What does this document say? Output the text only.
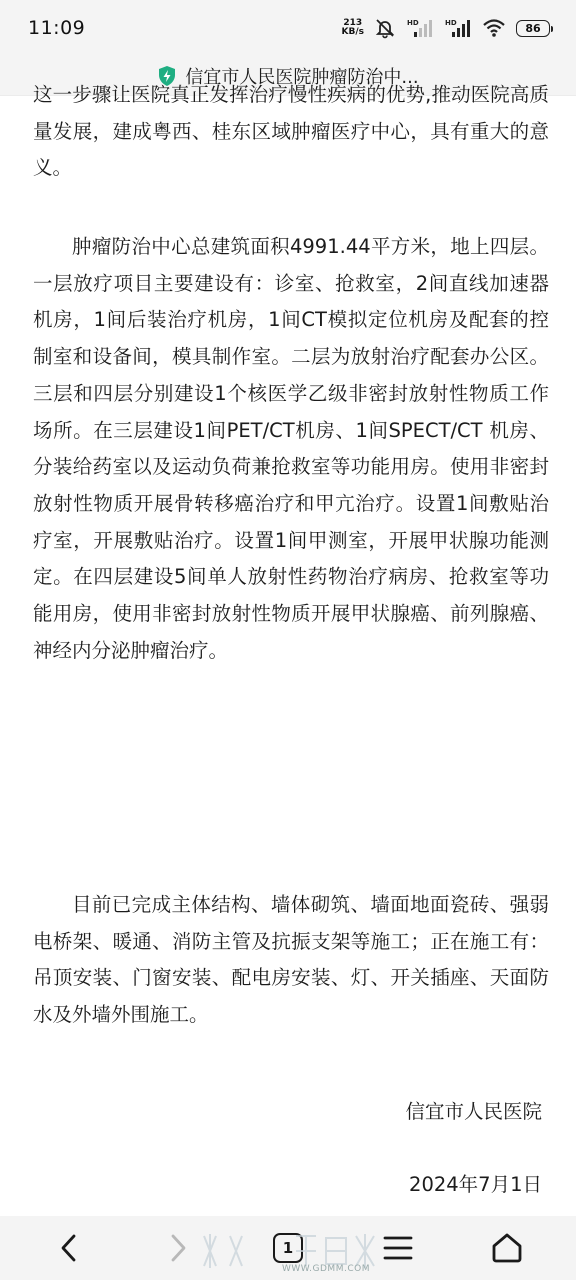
11:09	213
KB/s
HD	HD	86
信宜市人民医院肿瘤防治中...

这一步骤让医院真正发挥治疗慢性疾病的优势,推动医院高质量发展，建成粤西、桂东区域肿瘤医疗中心，具有重大的意义。

肿瘤防治中心总建筑面积4991.44平方米，地上四层。一层放疗项目主要建设有：诊室、抢救室，2间直线加速器机房，1间后装治疗机房，1间CT模拟定位机房及配套的控制室和设备间，模具制作室。二层为放射治疗配套办公区。三层和四层分别建设1个核医学乙级非密封放射性物质工作场所。在三层建设1间PET/CT机房、1间SPECT/CT 机房、分装给药室以及运动负荷兼抢救室等功能用房。使用非密封放射性物质开展骨转移癌治疗和甲亢治疗。设置1间敷贴治疗室，开展敷贴治疗。设置1间甲测室，开展甲状腺功能测定。在四层建设5间单人放射性药物治疗病房、抢救室等功能用房，使用非密封放射性物质开展甲状腺癌、前列腺癌、神经内分泌肿瘤治疗。

目前已完成主体结构、墙体砌筑、墙面地面瓷砖、强弱电桥架、暖通、消防主管及抗振支架等施工；正在施工有：吊顶安装、门窗安装、配电房安装、灯、开关插座、天面防水及外墙外围施工。

信宜市人民医院
2024年7月1日
1
WWW.GDMM.COM
